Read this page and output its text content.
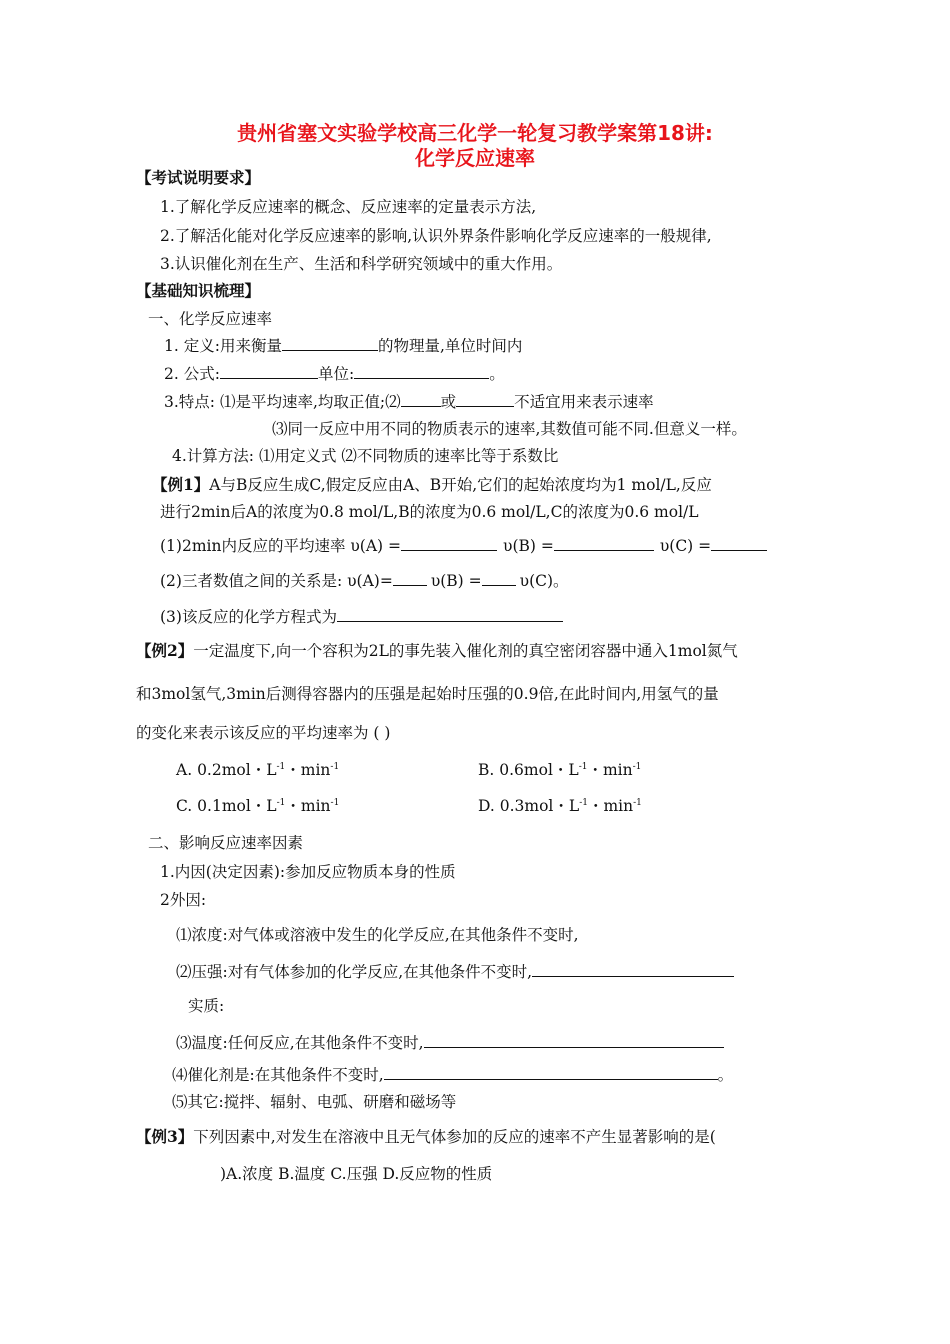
贵州省塞文实验学校高三化学一轮复习教学案第18讲:
化学反应速率
【考试说明要求】
1.了解化学反应速率的概念、反应速率的定量表示方法,
2.了解活化能对化学反应速率的影响,认识外界条件影响化学反应速率的一般规律,
3.认识催化剂在生产、生活和科学研究领域中的重大作用。
【基础知识梳理】
一、化学反应速率
1. 定义:用来衡量	的物理量,单位时间内
2. 公式:	单位:	。
3.特点: ⑴是平均速率,均取正值;⑵	或	不适宜用来表示速率
⑶同一反应中用不同的物质表示的速率,其数值可能不同.但意义一样。
4.计算方法: ⑴用定义式 ⑵不同物质的速率比等于系数比
【例1】A与B反应生成C,假定反应由A、B开始,它们的起始浓度均为1 mol/L,反应
进行2min后A的浓度为0.8 mol/L,B的浓度为0.6 mol/L,C的浓度为0.6 mol/L
(1)2min内反应的平均速率 υ(A) =	υ(B) =	υ(C) =
(2)三者数值之间的关系是: υ(A)= υ(B) = υ(C)。
(3)该反应的化学方程式为
【例2】一定温度下,向一个容积为2L的事先装入催化剂的真空密闭容器中通入1mol氮气
和3mol氢气,3min后测得容器内的压强是起始时压强的0.9倍,在此时间内,用氢气的量
的变化来表示该反应的平均速率为 ( )
A. 0.2mol・$L^{-1}$・$\min^{-1}$	B. 0.6mol・$L^{-1}$・$\min^{-1}$
C. 0.1mol・$L^{-1}$・$\min^{-1}$	D. 0.3mol・$L^{-1}$・$\min^{-1}$
二、影响反应速率因素
1.内因(决定因素):参加反应物质本身的性质
2外因:
⑴浓度:对气体或溶液中发生的化学反应,在其他条件不变时,
⑵压强:对有气体参加的化学反应,在其他条件不变时,
实质:
⑶温度:任何反应,在其他条件不变时,
⑷催化剂是:在其他条件不变时,	。
⑸其它:搅拌、辐射、电弧、研磨和磁场等
【例3】下列因素中,对发生在溶液中且无气体参加的反应的速率不产生显著影响的是(
)A.浓度 B.温度 C.压强 D.反应物的性质
